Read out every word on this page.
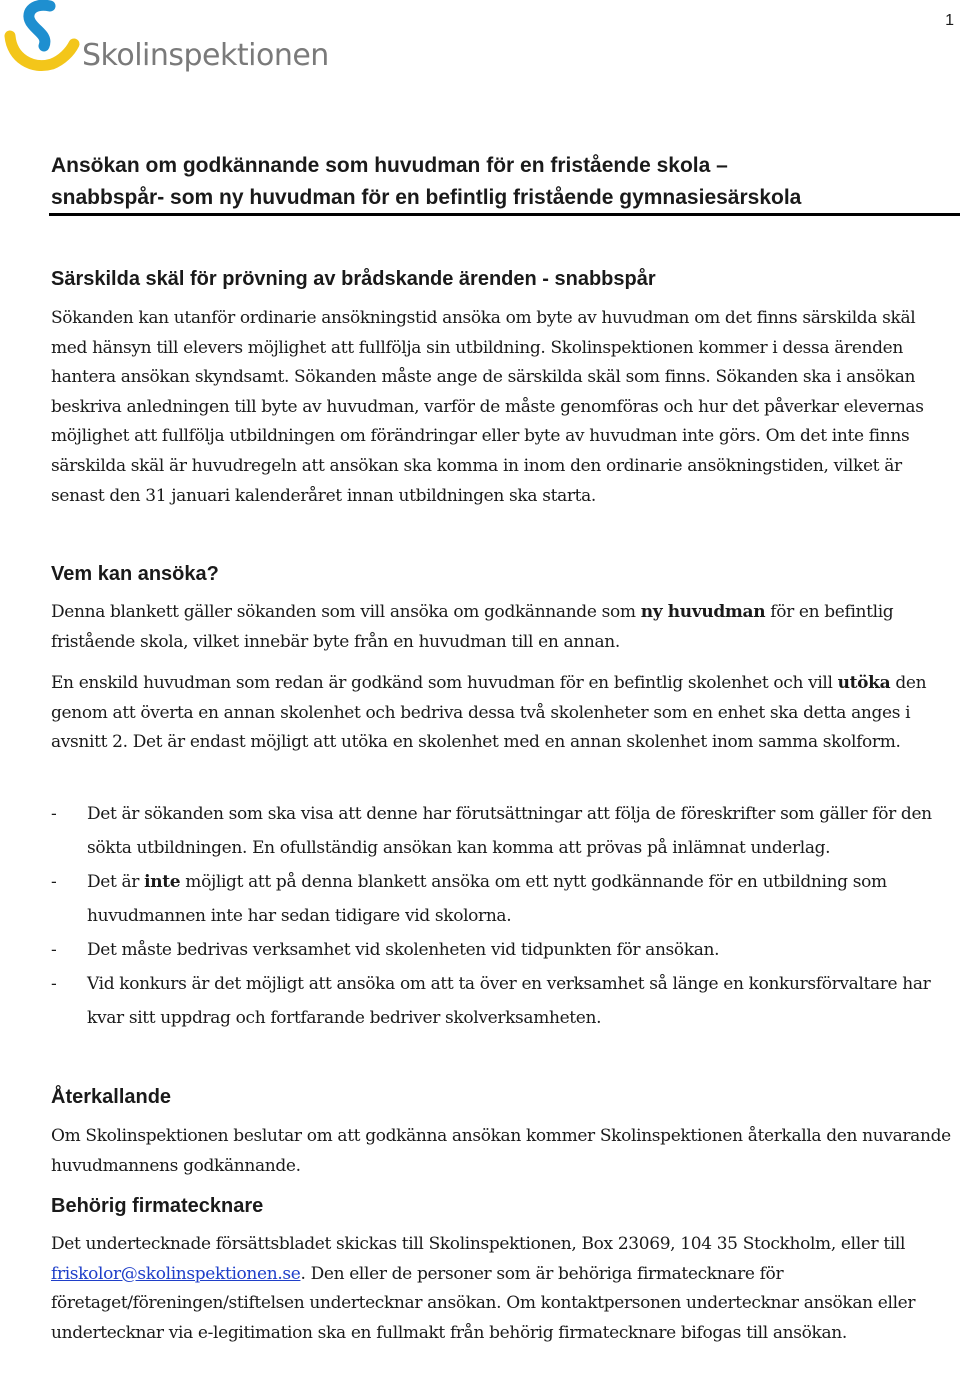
Skolinspektionen
1
Ansökan om godkännande som huvudman för en fristående skola –
snabbspår- som ny huvudman för en befintlig fristående gymnasiesärskola
Särskilda skäl för prövning av brådskande ärenden - snabbspår
Sökanden kan utanför ordinarie ansökningstid ansöka om byte av huvudman om det finns särskilda skäl med hänsyn till elevers möjlighet att fullfölja sin utbildning. Skolinspektionen kommer i dessa ärenden hantera ansökan skyndsamt. Sökanden måste ange de särskilda skäl som finns. Sökanden ska i ansökan beskriva anledningen till byte av huvudman, varför de måste genomföras och hur det påverkar elevernas möjlighet att fullfölja utbildningen om förändringar eller byte av huvudman inte görs. Om det inte finns särskilda skäl är huvudregeln att ansökan ska komma in inom den ordinarie ansökningstiden, vilket är senast den 31 januari kalenderåret innan utbildningen ska starta.
Vem kan ansöka?
Denna blankett gäller sökanden som vill ansöka om godkännande som ny huvudman för en befintlig fristående skola, vilket innebär byte från en huvudman till en annan.
En enskild huvudman som redan är godkänd som huvudman för en befintlig skolenhet och vill utöka den genom att överta en annan skolenhet och bedriva dessa två skolenheter som en enhet ska detta anges i avsnitt 2. Det är endast möjligt att utöka en skolenhet med en annan skolenhet inom samma skolform.
- Det är sökanden som ska visa att denne har förutsättningar att följa de föreskrifter som gäller för den sökta utbildningen. En ofullständig ansökan kan komma att prövas på inlämnat underlag.
- Det är inte möjligt att på denna blankett ansöka om ett nytt godkännande för en utbildning som huvudmannen inte har sedan tidigare vid skolorna.
- Det måste bedrivas verksamhet vid skolenheten vid tidpunkten för ansökan.
- Vid konkurs är det möjligt att ansöka om att ta över en verksamhet så länge en konkursförvaltare har kvar sitt uppdrag och fortfarande bedriver skolverksamheten.
Återkallande
Om Skolinspektionen beslutar om att godkänna ansökan kommer Skolinspektionen återkalla den nuvarande huvudmannens godkännande.
Behörig firmatecknare
Det undertecknade försättsbladet skickas till Skolinspektionen, Box 23069, 104 35 Stockholm, eller till friskolor@skolinspektionen.se. Den eller de personer som är behöriga firmatecknare för företaget/föreningen/stiftelsen undertecknar ansökan. Om kontaktpersonen undertecknar ansökan eller undertecknar via e-legitimation ska en fullmakt från behörig firmatecknare bifogas till ansökan.
